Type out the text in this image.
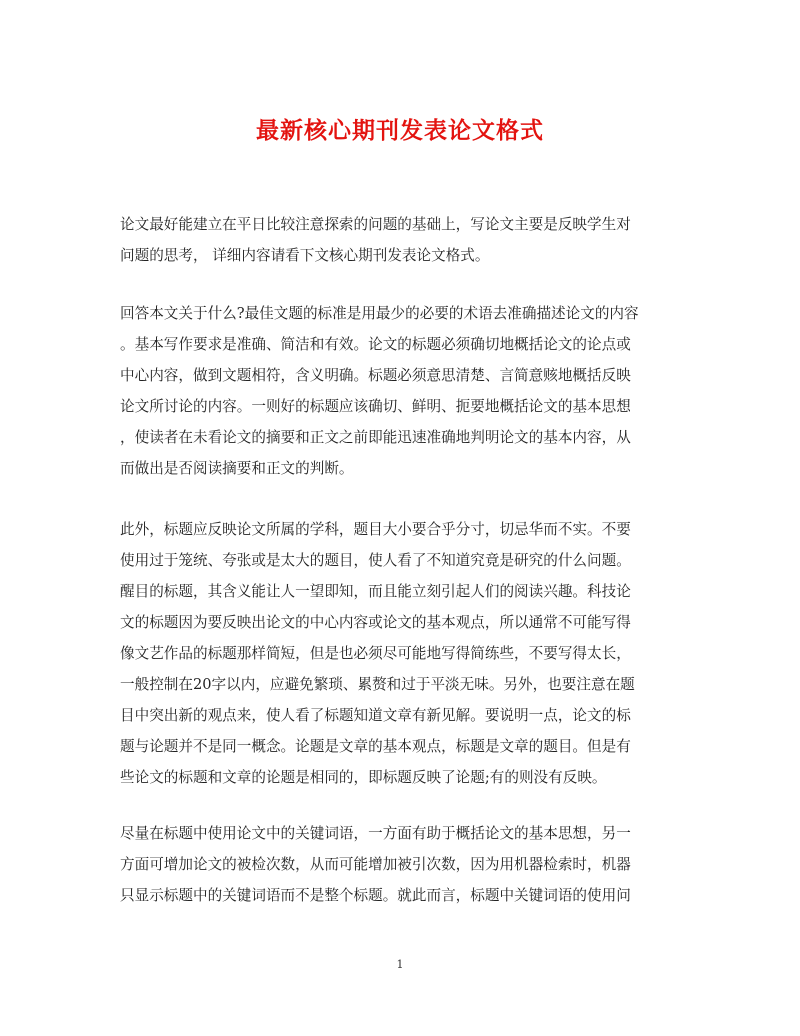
最新核心期刊发表论文格式
论文最好能建立在平日比较注意探索的问题的基础上，写论文主要是反映学生对
问题的思考， 详细内容请看下文核心期刊发表论文格式。
回答本文关于什么?最佳文题的标准是用最少的必要的术语去准确描述论文的内容
。基本写作要求是准确、简洁和有效。论文的标题必须确切地概括论文的论点或
中心内容，做到文题相符，含义明确。标题必须意思清楚、言简意赅地概括反映
论文所讨论的内容。一则好的标题应该确切、鲜明、扼要地概括论文的基本思想
，使读者在未看论文的摘要和正文之前即能迅速准确地判明论文的基本内容，从
而做出是否阅读摘要和正文的判断。
此外，标题应反映论文所属的学科，题目大小要合乎分寸，切忌华而不实。不要
使用过于笼统、夸张或是太大的题目，使人看了不知道究竟是研究的什么问题。
醒目的标题，其含义能让人一望即知，而且能立刻引起人们的阅读兴趣。科技论
文的标题因为要反映出论文的中心内容或论文的基本观点，所以通常不可能写得
像文艺作品的标题那样简短，但是也必须尽可能地写得简练些，不要写得太长，
一般控制在20字以内，应避免繁琐、累赘和过于平淡无味。另外，也要注意在题
目中突出新的观点来，使人看了标题知道文章有新见解。要说明一点，论文的标
题与论题并不是同一概念。论题是文章的基本观点，标题是文章的题目。但是有
些论文的标题和文章的论题是相同的，即标题反映了论题;有的则没有反映。
尽量在标题中使用论文中的关键词语，一方面有助于概括论文的基本思想，另一
方面可增加论文的被检次数，从而可能增加被引次数，因为用机器检索时，机器
只显示标题中的关键词语而不是整个标题。就此而言，标题中关键词语的使用问
1
